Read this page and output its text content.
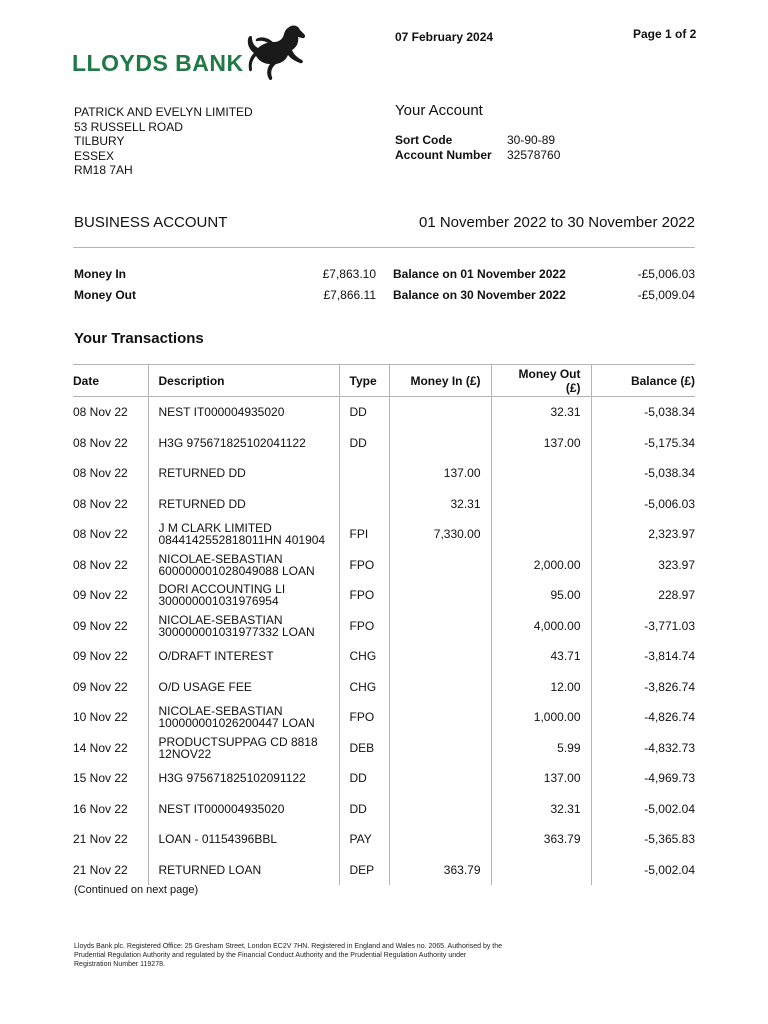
LLOYDS BANK
07 February 2024	Page 1 of 2
PATRICK AND EVELYN LIMITED
53 RUSSELL ROAD
TILBURY
ESSEX
RM18 7AH
Your Account
Sort Code	30-90-89
Account Number 32578760
BUSINESS ACCOUNT	01 November 2022 to 30 November 2022
Money In	£7,863.10 Balance on 01 November 2022	-£5,006.03
Money Out	£7,866.11 Balance on 30 November 2022	-£5,009.04
Your Transactions
Date	Description	Type	Money In (£)	Money Out (£)	Balance (£)
08 Nov 22	NEST IT000004935020	DD		32.31	-5,038.34
08 Nov 22	H3G 975671825102041122	DD		137.00	-5,175.34
08 Nov 22	RETURNED DD		137.00		-5,038.34
08 Nov 22	RETURNED DD		32.31		-5,006.03
08 Nov 22	J M CLARK LIMITED
0844142552818011HN 401904	FPI	7,330.00		2,323.97
08 Nov 22	NICOLAE-SEBASTIAN
600000001028049088 LOAN	FPO		2,000.00	323.97
09 Nov 22	DORI ACCOUNTING LI
300000001031976954	FPO		95.00	228.97
09 Nov 22	NICOLAE-SEBASTIAN
300000001031977332 LOAN	FPO		4,000.00	-3,771.03
09 Nov 22	O/DRAFT INTEREST	CHG		43.71	-3,814.74
09 Nov 22	O/D USAGE FEE	CHG		12.00	-3,826.74
10 Nov 22	NICOLAE-SEBASTIAN
100000001026200447 LOAN	FPO		1,000.00	-4,826.74
14 Nov 22	PRODUCTSUPPAG CD 8818
12NOV22	DEB		5.99	-4,832.73
15 Nov 22	H3G 975671825102091122	DD		137.00	-4,969.73
16 Nov 22	NEST IT000004935020	DD		32.31	-5,002.04
21 Nov 22	LOAN - 01154396BBL	PAY		363.79	-5,365.83
21 Nov 22	RETURNED LOAN	DEP	363.79		-5,002.04
(Continued on next page)
Lloyds Bank plc. Registered Office: 25 Gresham Street, London EC2V 7HN. Registered in England and Wales no. 2065. Authorised by the
Prudential Regulation Authority and regulated by the Financial Conduct Authority and the Prudential Regulation Authority under
Registration Number 119278.
